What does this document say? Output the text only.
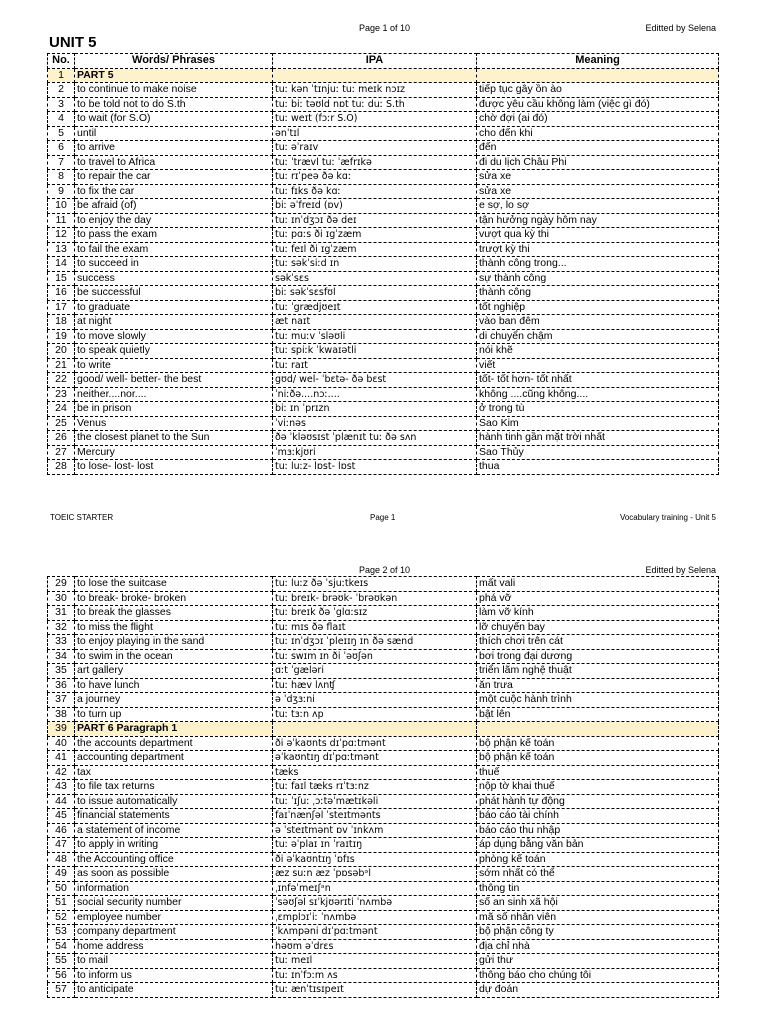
Page 1 of 10	Editted by Selena
UNIT 5
No.	Words/ Phrases	IPA	Meaning
1	PART 5		
2	to continue to make noise	tuː kən ˈtɪnjuː tuː meɪk nɔɪz	tiếp tục gây ồn ào
3	to be told not to do S.th	tuː biː təʊld nɒt tuː duː S.th	được yêu cầu không làm (việc gì đó)
4	to wait (for S.O)	tuː weɪt (fɔːr S.O)	chờ đợi (ai đó)
5	until	ənˈtɪl	cho đến khi
6	to arrive	tuː əˈraɪv	đến
7	to travel to Africa	tuː ˈtrævl tuː ˈæfrɪkə	đi du lịch Châu Phi
8	to repair the car	tuː rɪˈpeə ðə kɑː	sửa xe
9	to fix the car	tuː fɪks ðə kɑː	sửa xe
10	be afraid (of)	biː əˈfreɪd (ɒv)	e sợ, lo sợ
11	to enjoy the day	tuː ɪnˈdʒɔɪ ðə deɪ	tận hưởng ngày hôm nay
12	to pass the exam	tuː pɑːs ði ɪgˈzæm	vượt qua kỳ thi
13	to fail the exam	tuː feɪl ði ɪgˈzæm	trượt kỳ thi
14	to succeed in	tuː səkˈsiːd ɪn	thành công trong...
15	success	səkˈsɛs	sự thành công
16	be successful	biː səkˈsɛsfʊl	thành công
17	to graduate	tuː ˈgrædjʊeɪt	tốt nghiệp
18	at night	æt naɪt	vào ban đêm
19	to move slowly	tuː muːv ˈsləʊli	di chuyển chậm
20	to speak quietly	tuː spiːk ˈkwaɪətli	nói khẽ
21	to write	tuː raɪt	viết
22	good/ well- better- the best	gʊd/ wel- ˈbɛtə- ðə bɛst	tốt- tốt hơn- tốt nhất
23	neither....nor....	ˈniːðə....nɔː....	không ....cũng không....
24	be in prison	biː ɪn ˈprɪzn	ở trong tù
25	Venus	ˈviːnəs	Sao Kim
26	the closest planet to the Sun	ðə ˈkləʊsɪst ˈplænɪt tuː ðə sʌn	hành tinh gần mặt trời nhất
27	Mercury	ˈmɜːkjʊri	Sao Thủy
28	to lose- lost- lost	tuː luːz- lɒst- lɒst	thua
TOEIC STARTER	Page 1	Vocabulary training - Unit 5
Page 2 of 10	Editted by Selena
29	to lose the suitcase	tuː luːz ðə ˈsjuːtkeɪs	mất vali
30	to break- broke- broken	tuː breɪk- brəʊk- ˈbrəʊkən	phá vỡ
31	to break the glasses	tuː breɪk ðə ˈglɑːsɪz	làm vỡ kính
32	to miss the flight	tuː mɪs ðə flaɪt	lỡ chuyến bay
33	to enjoy playing in the sand	tuː ɪnˈdʒɔɪ ˈpleɪɪŋ ɪn ðə sænd	thích chơi trên cát
34	to swim in the ocean	tuː swɪm ɪn ði ˈəʊʃən	bơi trong đại dương
35	art gallery	ɑːt ˈgæləri	triển lãm nghệ thuật
36	to have lunch	tuː hæv lʌnʧ	ăn trưa
37	a journey	ə ˈdʒɜːni	một cuộc hành trình
38	to turn up	tuː tɜːn ʌp	bật lên
39	PART 6 Paragraph 1		
40	the accounts department	ði əˈkaʊnts dɪˈpɑːtmənt	bộ phận kế toán
41	accounting department	əˈkaʊntɪŋ dɪˈpɑːtmənt	bộ phận kế toán
42	tax	tæks	thuế
43	to file tax returns	tuː faɪl tæks rɪˈtɜːnz	nộp tờ khai thuế
44	to issue automatically	tuː ˈɪʃuː ˌɔːtəˈmætɪkəli	phát hành tự động
45	financial statements	faɪˈnænʃəl ˈsteɪtmənts	báo cáo tài chính
46	a statement of income	ə ˈsteɪtmənt ɒv ˈɪnkʌm	báo cáo thu nhập
47	to apply in writing	tuː əˈplaɪ ɪn ˈraɪtɪŋ	áp dụng bằng văn bản
48	the Accounting office	ði əˈkaʊntɪŋ ˈɒfɪs	phòng kế toán
49	as soon as possible	æz suːn æz ˈpɒsəbᵊl	sớm nhất có thể
50	information	ˌɪnfəˈmeɪʃᵊn	thông tin
51	social security number	ˈsəʊʃəl sɪˈkjʊərɪti ˈnʌmbə	số an sinh xã hội
52	employee number	ˌɛmplɔɪˈiː ˈnʌmbə	mã số nhân viên
53	company department	ˈkʌmpəni dɪˈpɑːtmənt	bộ phận công ty
54	home address	həʊm əˈdrɛs	địa chỉ nhà
55	to mail	tuː meɪl	gửi thư
56	to inform us	tuː ɪnˈfɔːm ʌs	thông báo cho chúng tôi
57	to anticipate	tuː ænˈtɪsɪpeɪt	dự đoán
